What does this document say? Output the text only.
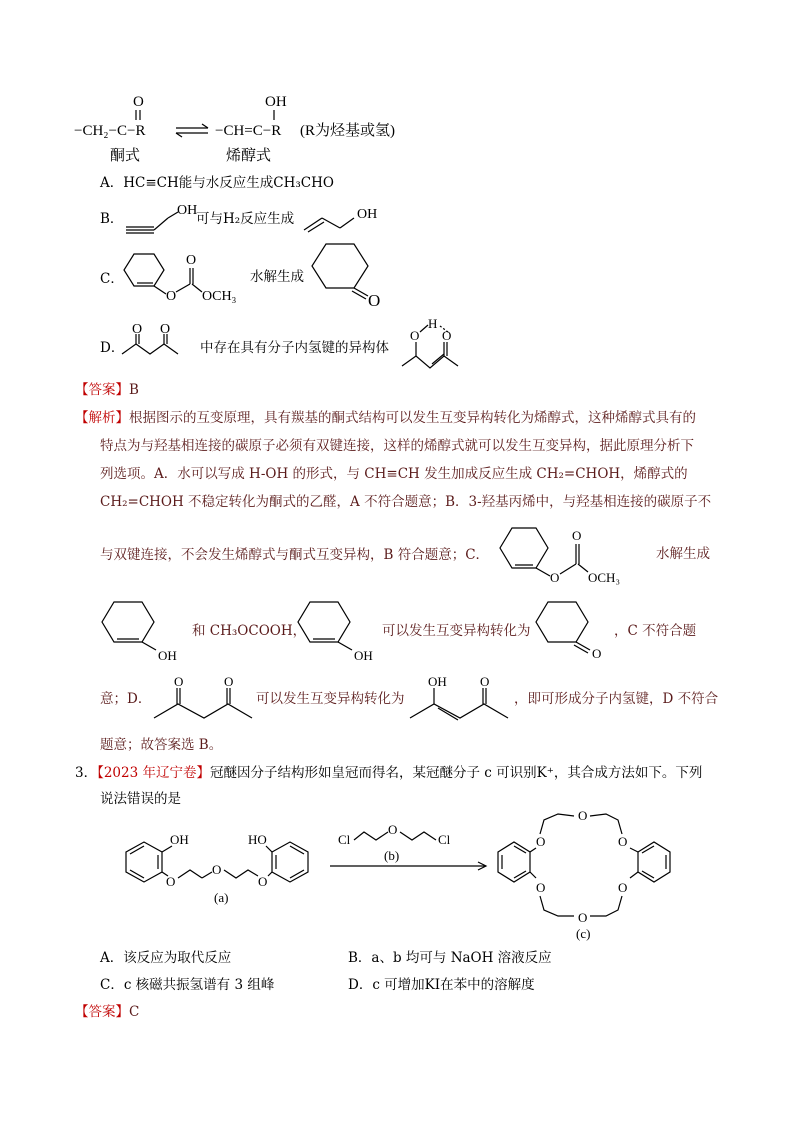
O
−CH₂−C−R
OH
−CH=C−R (R为烃基或氢)
酮式	烯醇式
A．HC≡CH能与水反应生成CH₃CHO
B．
OH
可与H₂反应生成	OH
C．
O
O
OCH₃
水解生成
O
D．
O O
中存在具有分子内氢键的异构体
O
H
O
【答案】B
【解析】根据图示的互变原理，具有羰基的酮式结构可以发生互变异构转化为烯醇式，这种烯醇式具有的
特点为与羟基相连接的碳原子必须有双键连接，这样的烯醇式就可以发生互变异构，据此原理分析下
列选项。A．水可以写成 H-OH 的形式，与 CH≡CH 发生加成反应生成 CH₂=CHOH，烯醇式的
CH₂=CHOH 不稳定转化为酮式的乙醛，A 不符合题意；B．3-羟基丙烯中，与羟基相连接的碳原子不
与双键连接，不会发生烯醇式与酮式互变异构，B 符合题意；C．
O
O
OCH₃
水解生成
OH
和 CH₃OCOOH，
OH
可以发生互变异构转化为
O
，C 不符合题
意；D．
O	O
可以发生互变异构转化为
OH	O
，即可形成分子内氢键，D 不符合
题意；故答案选 B。
3．【2023 年辽宁卷】冠醚因分子结构形如皇冠而得名，某冠醚分子 c 可识别K⁺，其合成方法如下。下列
说法错误的是
OH
O
O
O
HO
(a)
Cl
O
Cl
(b)
O
O
O
O
O
O
(c)
A．该反应为取代反应	B．a、b 均可与 NaOH 溶液反应
C．c 核磁共振氢谱有 3 组峰	D．c 可增加KI在苯中的溶解度
【答案】C
